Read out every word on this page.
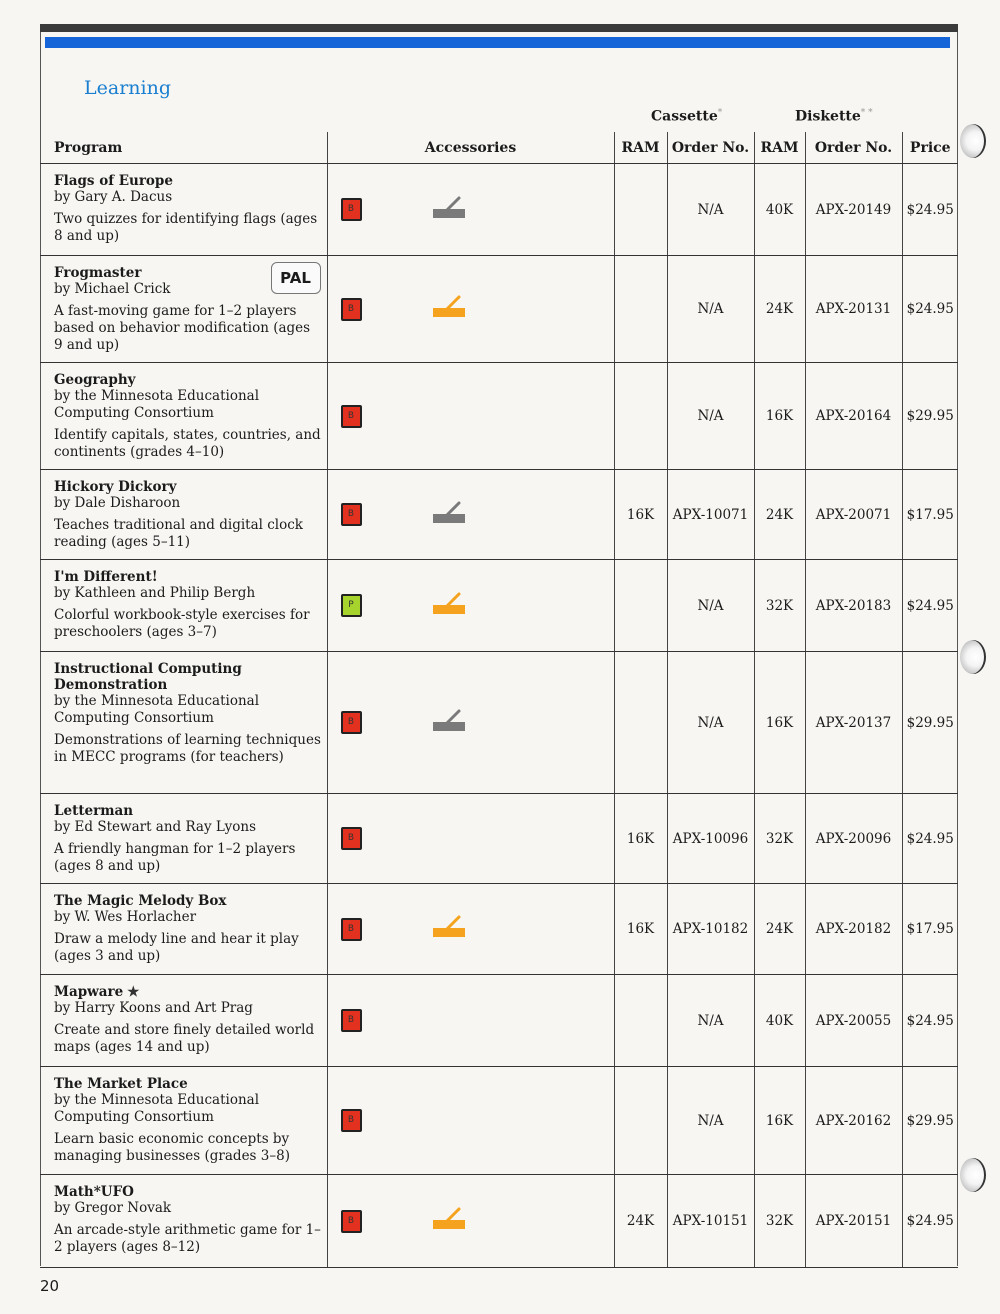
Learning
Cassette*	Diskette* *
Program	Accessories	RAM	Order No.	RAM	Order No.	Price

Flags of Europe
by Gary A. Dacus
Two quizzes for identifying flags (ages 8 and up)	B		N/A	40K	APX-20149	$24.95

Frogmaster PAL
by Michael Crick
A fast-moving game for 1–2 players based on behavior modification (ages 9 and up)	B		N/A	24K	APX-20131	$24.95

Geography
by the Minnesota Educational Computing Consortium
Identify capitals, states, countries, and continents (grades 4–10)	B		N/A	16K	APX-20164	$29.95

Hickory Dickory
by Dale Disharoon
Teaches traditional and digital clock reading (ages 5–11)	B	16K	APX-10071	24K	APX-20071	$17.95

I'm Different!
by Kathleen and Philip Bergh
Colorful workbook-style exercises for preschoolers (ages 3–7)	P		N/A	32K	APX-20183	$24.95

Instructional Computing Demonstration
by the Minnesota Educational Computing Consortium
Demonstrations of learning techniques in MECC programs (for teachers)	B		N/A	16K	APX-20137	$29.95

Letterman
by Ed Stewart and Ray Lyons
A friendly hangman for 1–2 players (ages 8 and up)	B	16K	APX-10096	32K	APX-20096	$24.95

The Magic Melody Box
by W. Wes Horlacher
Draw a melody line and hear it play (ages 3 and up)	B	16K	APX-10182	24K	APX-20182	$17.95

Mapware ★
by Harry Koons and Art Prag
Create and store finely detailed world maps (ages 14 and up)	B		N/A	40K	APX-20055	$24.95

The Market Place
by the Minnesota Educational Computing Consortium
Learn basic economic concepts by managing businesses (grades 3–8)	B		N/A	16K	APX-20162	$29.95

Math*UFO
by Gregor Novak
An arcade-style arithmetic game for 1–2 players (ages 8–12)	B	24K	APX-10151	32K	APX-20151	$24.95
20
